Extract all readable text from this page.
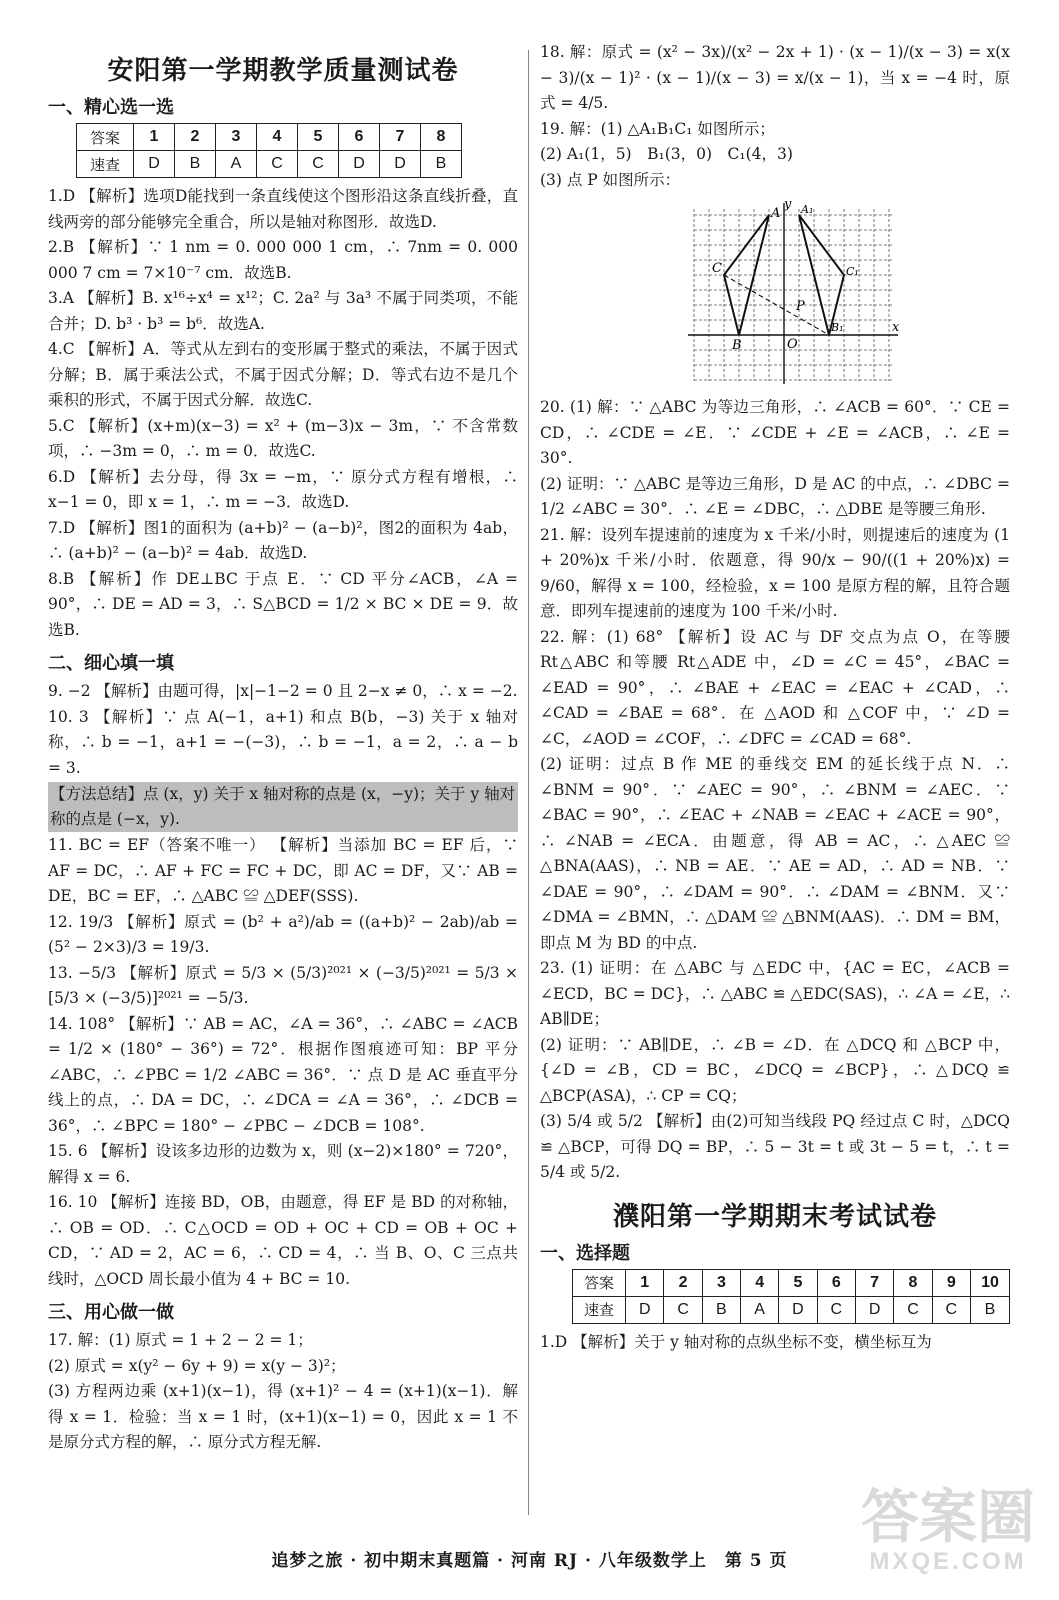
安阳第一学期教学质量测试卷
一、精心选一选
答案	1	2	3	4	5	6	7	8
速查	D	B	A	C	C	D	D	B

1.D 【解析】选项D能找到一条直线使这个图形沿这条直线折叠，直线两旁的部分能够完全重合，所以是轴对称图形．故选D.

2.B 【解析】∵ 1 nm = 0. 000 000 1 cm，∴ 7nm = 0. 000 000 7 cm = 7×10⁻⁷ cm．故选B.

3.A 【解析】B. x¹⁶÷x⁴ = x¹²；C. 2a² 与 3a³ 不属于同类项，不能合并；D. b³ · b³ = b⁶．故选A.

4.C 【解析】A．等式从左到右的变形属于整式的乘法，不属于因式分解；B．属于乘法公式，不属于因式分解；D．等式右边不是几个乘积的形式，不属于因式分解．故选C.

5.C 【解析】(x+m)(x−3) = x² + (m−3)x − 3m，∵ 不含常数项，∴ −3m = 0，∴ m = 0．故选C.

6.D 【解析】去分母，得 3x = −m，∵ 原分式方程有增根，∴ x−1 = 0，即 x = 1，∴ m = −3．故选D.

7.D 【解析】图1的面积为 (a+b)² − (a−b)²，图2的面积为 4ab，∴ (a+b)² − (a−b)² = 4ab．故选D.

8.B 【解析】作 DE⊥BC 于点 E．∵ CD 平分∠ACB，∠A = 90°，∴ DE = AD = 3，∴ S△BCD = 1/2 × BC × DE = 9．故选B.

二、细心填一填

9. −2 【解析】由题可得，|x|−1−2 = 0 且 2−x ≠ 0，∴ x = −2.

10. 3 【解析】∵ 点 A(−1，a+1) 和点 B(b，−3) 关于 x 轴对称，∴ b = −1，a+1 = −(−3)，∴ b = −1，a = 2，∴ a − b = 3.

【方法总结】点 (x，y) 关于 x 轴对称的点是 (x，−y)；关于 y 轴对称的点是 (−x，y).

11. BC = EF（答案不唯一） 【解析】当添加 BC = EF 后，∵ AF = DC，∴ AF + FC = FC + DC，即 AC = DF，又∵ AB = DE，BC = EF，∴ △ABC ≌ △DEF(SSS).

12. 19/3 【解析】原式 = (b² + a²)/ab = ((a+b)² − 2ab)/ab = (5² − 2×3)/3 = 19/3.

13. −5/3 【解析】原式 = 5/3 × (5/3)²⁰²¹ × (−3/5)²⁰²¹ = 5/3 × [5/3 × (−3/5)]²⁰²¹ = −5/3.

14. 108° 【解析】∵ AB = AC，∠A = 36°，∴ ∠ABC = ∠ACB = 1/2 × (180° − 36°) = 72°．根据作图痕迹可知：BP 平分 ∠ABC，∴ ∠PBC = 1/2 ∠ABC = 36°．∵ 点 D 是 AC 垂直平分线上的点，∴ DA = DC，∴ ∠DCA = ∠A = 36°，∴ ∠DCB = 36°，∴ ∠BPC = 180° − ∠PBC − ∠DCB = 108°.

15. 6 【解析】设该多边形的边数为 x，则 (x−2)×180° = 720°，解得 x = 6.

16. 10 【解析】连接 BD，OB，由题意，得 EF 是 BD 的对称轴，∴ OB = OD．∴ C△OCD = OD + OC + CD = OB + OC + CD，∵ AD = 2，AC = 6，∴ CD = 4，∴ 当 B、O、C 三点共线时，△OCD 周长最小值为 4 + BC = 10.

三、用心做一做

17. 解：(1) 原式 = 1 + 2 − 2 = 1；

(2) 原式 = x(y² − 6y + 9) = x(y − 3)²；

(3) 方程两边乘 (x+1)(x−1)，得 (x+1)² − 4 = (x+1)(x−1)．解得 x = 1．检验：当 x = 1 时，(x+1)(x−1) = 0，因此 x = 1 不是原分式方程的解，∴ 原分式方程无解.

18. 解：原式 = (x² − 3x)/(x² − 2x + 1) · (x − 1)/(x − 3) = x(x − 3)/(x − 1)² · (x − 1)/(x − 3) = x/(x − 1)，当 x = −4 时，原式 = 4/5.

19. 解：(1) △A₁B₁C₁ 如图所示；

(2) A₁(1，5)　B₁(3，0)　C₁(4，3)

(3) 点 P 如图所示：

y
x
O
A A₁
C	C₁
B
B₁
P

20. (1) 解：∵ △ABC 为等边三角形，∴ ∠ACB = 60°．∵ CE = CD，∴ ∠CDE = ∠E．∵ ∠CDE + ∠E = ∠ACB，∴ ∠E = 30°.

(2) 证明：∵ △ABC 是等边三角形，D 是 AC 的中点，∴ ∠DBC = 1/2 ∠ABC = 30°．∴ ∠E = ∠DBC，∴ △DBE 是等腰三角形.

21. 解：设列车提速前的速度为 x 千米/小时，则提速后的速度为 (1 + 20%)x 千米/小时．依题意，得 90/x − 90/((1 + 20%)x) = 9/60，解得 x = 100，经检验，x = 100 是原方程的解，且符合题意．即列车提速前的速度为 100 千米/小时.

22. 解：(1) 68° 【解析】设 AC 与 DF 交点为点 O，在等腰 Rt△ABC 和等腰 Rt△ADE 中，∠D = ∠C = 45°，∠BAC = ∠EAD = 90°，∴ ∠BAE + ∠EAC = ∠EAC + ∠CAD，∴ ∠CAD = ∠BAE = 68°．在 △AOD 和 △COF 中，∵ ∠D = ∠C，∠AOD = ∠COF，∴ ∠DFC = ∠CAD = 68°.

(2) 证明：过点 B 作 ME 的垂线交 EM 的延长线于点 N．∴ ∠BNM = 90°．∵ ∠AEC = 90°，∴ ∠BNM = ∠AEC．∵ ∠BAC = 90°，∴ ∠EAC + ∠NAB = ∠EAC + ∠ACE = 90°，∴ ∠NAB = ∠ECA．由题意，得 AB = AC，∴ △AEC ≌ △BNA(AAS)，∴ NB = AE．∵ AE = AD，∴ AD = NB．∵ ∠DAE = 90°，∴ ∠DAM = 90°．∴ ∠DAM = ∠BNM．又∵ ∠DMA = ∠BMN，∴ △DAM ≌ △BNM(AAS)．∴ DM = BM，即点 M 为 BD 的中点.

23. (1) 证明：在 △ABC 与 △EDC 中，{AC = EC，∠ACB = ∠ECD，BC = DC}，∴ △ABC ≌ △EDC(SAS)，∴ ∠A = ∠E，∴ AB∥DE；

(2) 证明：∵ AB∥DE，∴ ∠B = ∠D．在 △DCQ 和 △BCP 中，{∠D = ∠B，CD = BC，∠DCQ = ∠BCP}，∴ △DCQ ≌ △BCP(ASA)，∴ CP = CQ；

(3) 5/4 或 5/2 【解析】由(2)可知当线段 PQ 经过点 C 时，△DCQ ≌ △BCP，可得 DQ = BP，∴ 5 − 3t = t 或 3t − 5 = t，∴ t = 5/4 或 5/2.

濮阳第一学期期末考试试卷
一、选择题
答案	1	2	3	4	5	6	7	8	9	10
速查	D	C	B	A	D	C	D	C	C	B

1.D 【解析】关于 y 轴对称的点纵坐标不变，横坐标互为

答案圈
MXQE.COM
追梦之旅 · 初中期末真题篇 · 河南 RJ · 八年级数学上　第 5 页
